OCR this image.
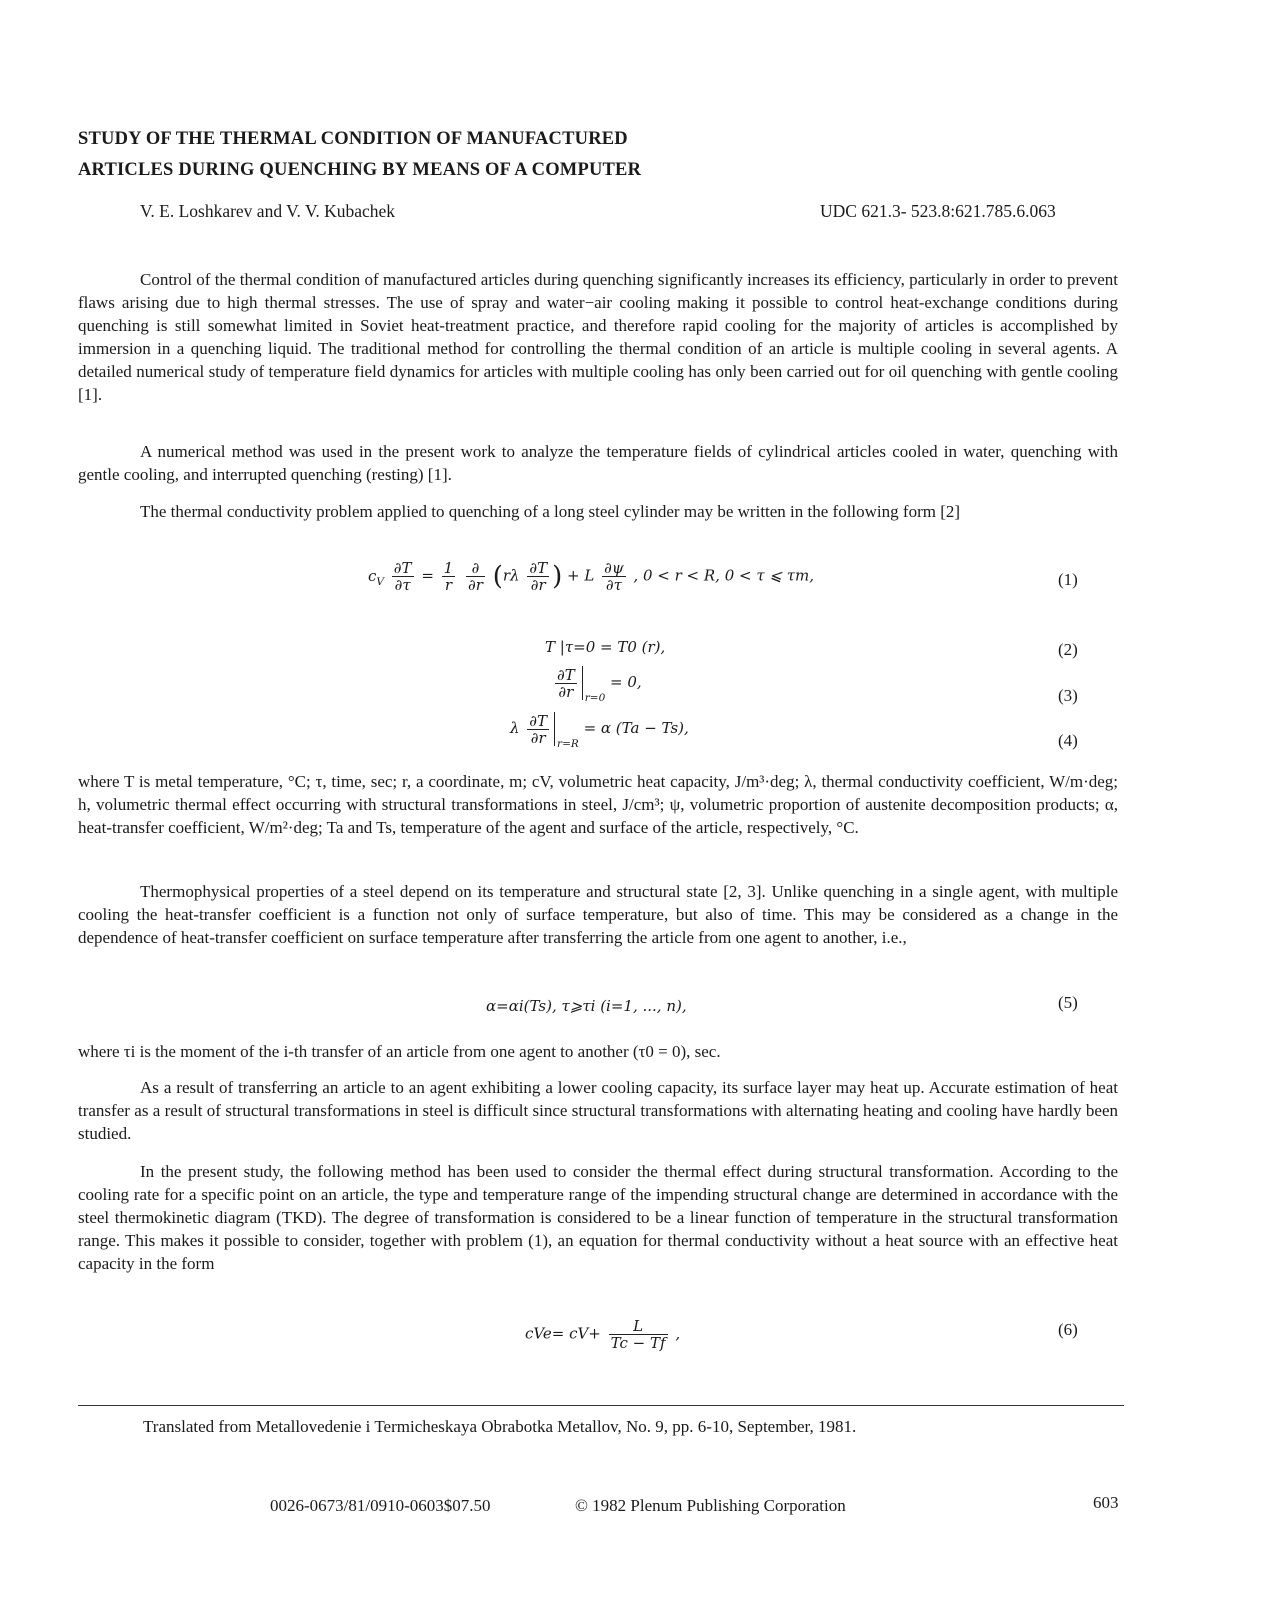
STUDY OF THE THERMAL CONDITION OF MANUFACTURED
ARTICLES DURING QUENCHING BY MEANS OF A COMPUTER
V. E. Loshkarev and V. V. Kubachek	UDC 621.3- 523.8:621.785.6.063
Control of the thermal condition of manufactured articles during quenching significantly increases its efficiency, particularly in order to prevent flaws arising due to high thermal stresses. The use of spray and water−air cooling making it possible to control heat-exchange conditions during quenching is still somewhat limited in Soviet heat-treatment practice, and therefore rapid cooling for the majority of articles is accomplished by immersion in a quenching liquid. The traditional method for controlling the thermal condition of an article is multiple cooling in several agents. A detailed numerical study of temperature field dynamics for articles with multiple cooling has only been carried out for oil quenching with gentle cooling [1].
A numerical method was used in the present work to analyze the temperature fields of cylindrical articles cooled in water, quenching with gentle cooling, and interrupted quenching (resting) [1].
The thermal conductivity problem applied to quenching of a long steel cylinder may be written in the following form [2]
$c_V \frac{\partial T}{\partial\tau} = \frac{1}{r}$
$\frac{\partial}{\partial r} (r\lambda \frac{\partial T}{\partial r}$ ) + L $\frac{\partial\psi}{\partial\tau}$ , 0 < r < R, 0 < τ ⩽ τm,	(1)
T |τ=0 = T0 (r),	(2)
$\frac{\partial T}{\partial r} _{r=0} = 0$,
(3)
λ $\frac{\partial T}{\partial r} _{r=R} = \alpha$ (Ta − Ts),
(4)
where T is metal temperature, °C; τ, time, sec; r, a coordinate, m; cV, volumetric heat capacity, J/m³·deg; λ, thermal conductivity coefficient, W/m·deg; h, volumetric thermal effect occurring with structural transformations in steel, J/cm³; ψ, volumetric proportion of austenite decomposition products; α, heat-transfer coefficient, W/m²·deg; Ta and Ts, temperature of the agent and surface of the article, respectively, °C.
Thermophysical properties of a steel depend on its temperature and structural state [2, 3]. Unlike quenching in a single agent, with multiple cooling the heat-transfer coefficient is a function not only of surface temperature, but also of time. This may be considered as a change in the dependence of heat-transfer coefficient on surface temperature after transferring the article from one agent to another, i.e.,
α=αi(Ts), τ⩾τi (i=1, ..., n),	(5)
where τi is the moment of the i-th transfer of an article from one agent to another (τ0 = 0), sec.
As a result of transferring an article to an agent exhibiting a lower cooling capacity, its surface layer may heat up. Accurate estimation of heat transfer as a result of structural transformations in steel is difficult since structural transformations with alternating heating and cooling have hardly been studied.
In the present study, the following method has been used to consider the thermal effect during structural transformation. According to the cooling rate for a specific point on an article, the type and temperature range of the impending structural change are determined in accordance with the steel thermokinetic diagram (TKD). The degree of transformation is considered to be a linear function of temperature in the structural transformation range. This makes it possible to consider, together with problem (1), an equation for thermal conductivity without a heat source with an effective heat capacity in the form
$cVe= cV+ \frac{L}{Tc - Tf}$ ,	(6)
Translated from Metallovedenie i Termicheskaya Obrabotka Metallov, No. 9, pp. 6-10, September, 1981.
0026-0673/81/0910-0603$07.50	© 1982 Plenum Publishing Corporation	603
